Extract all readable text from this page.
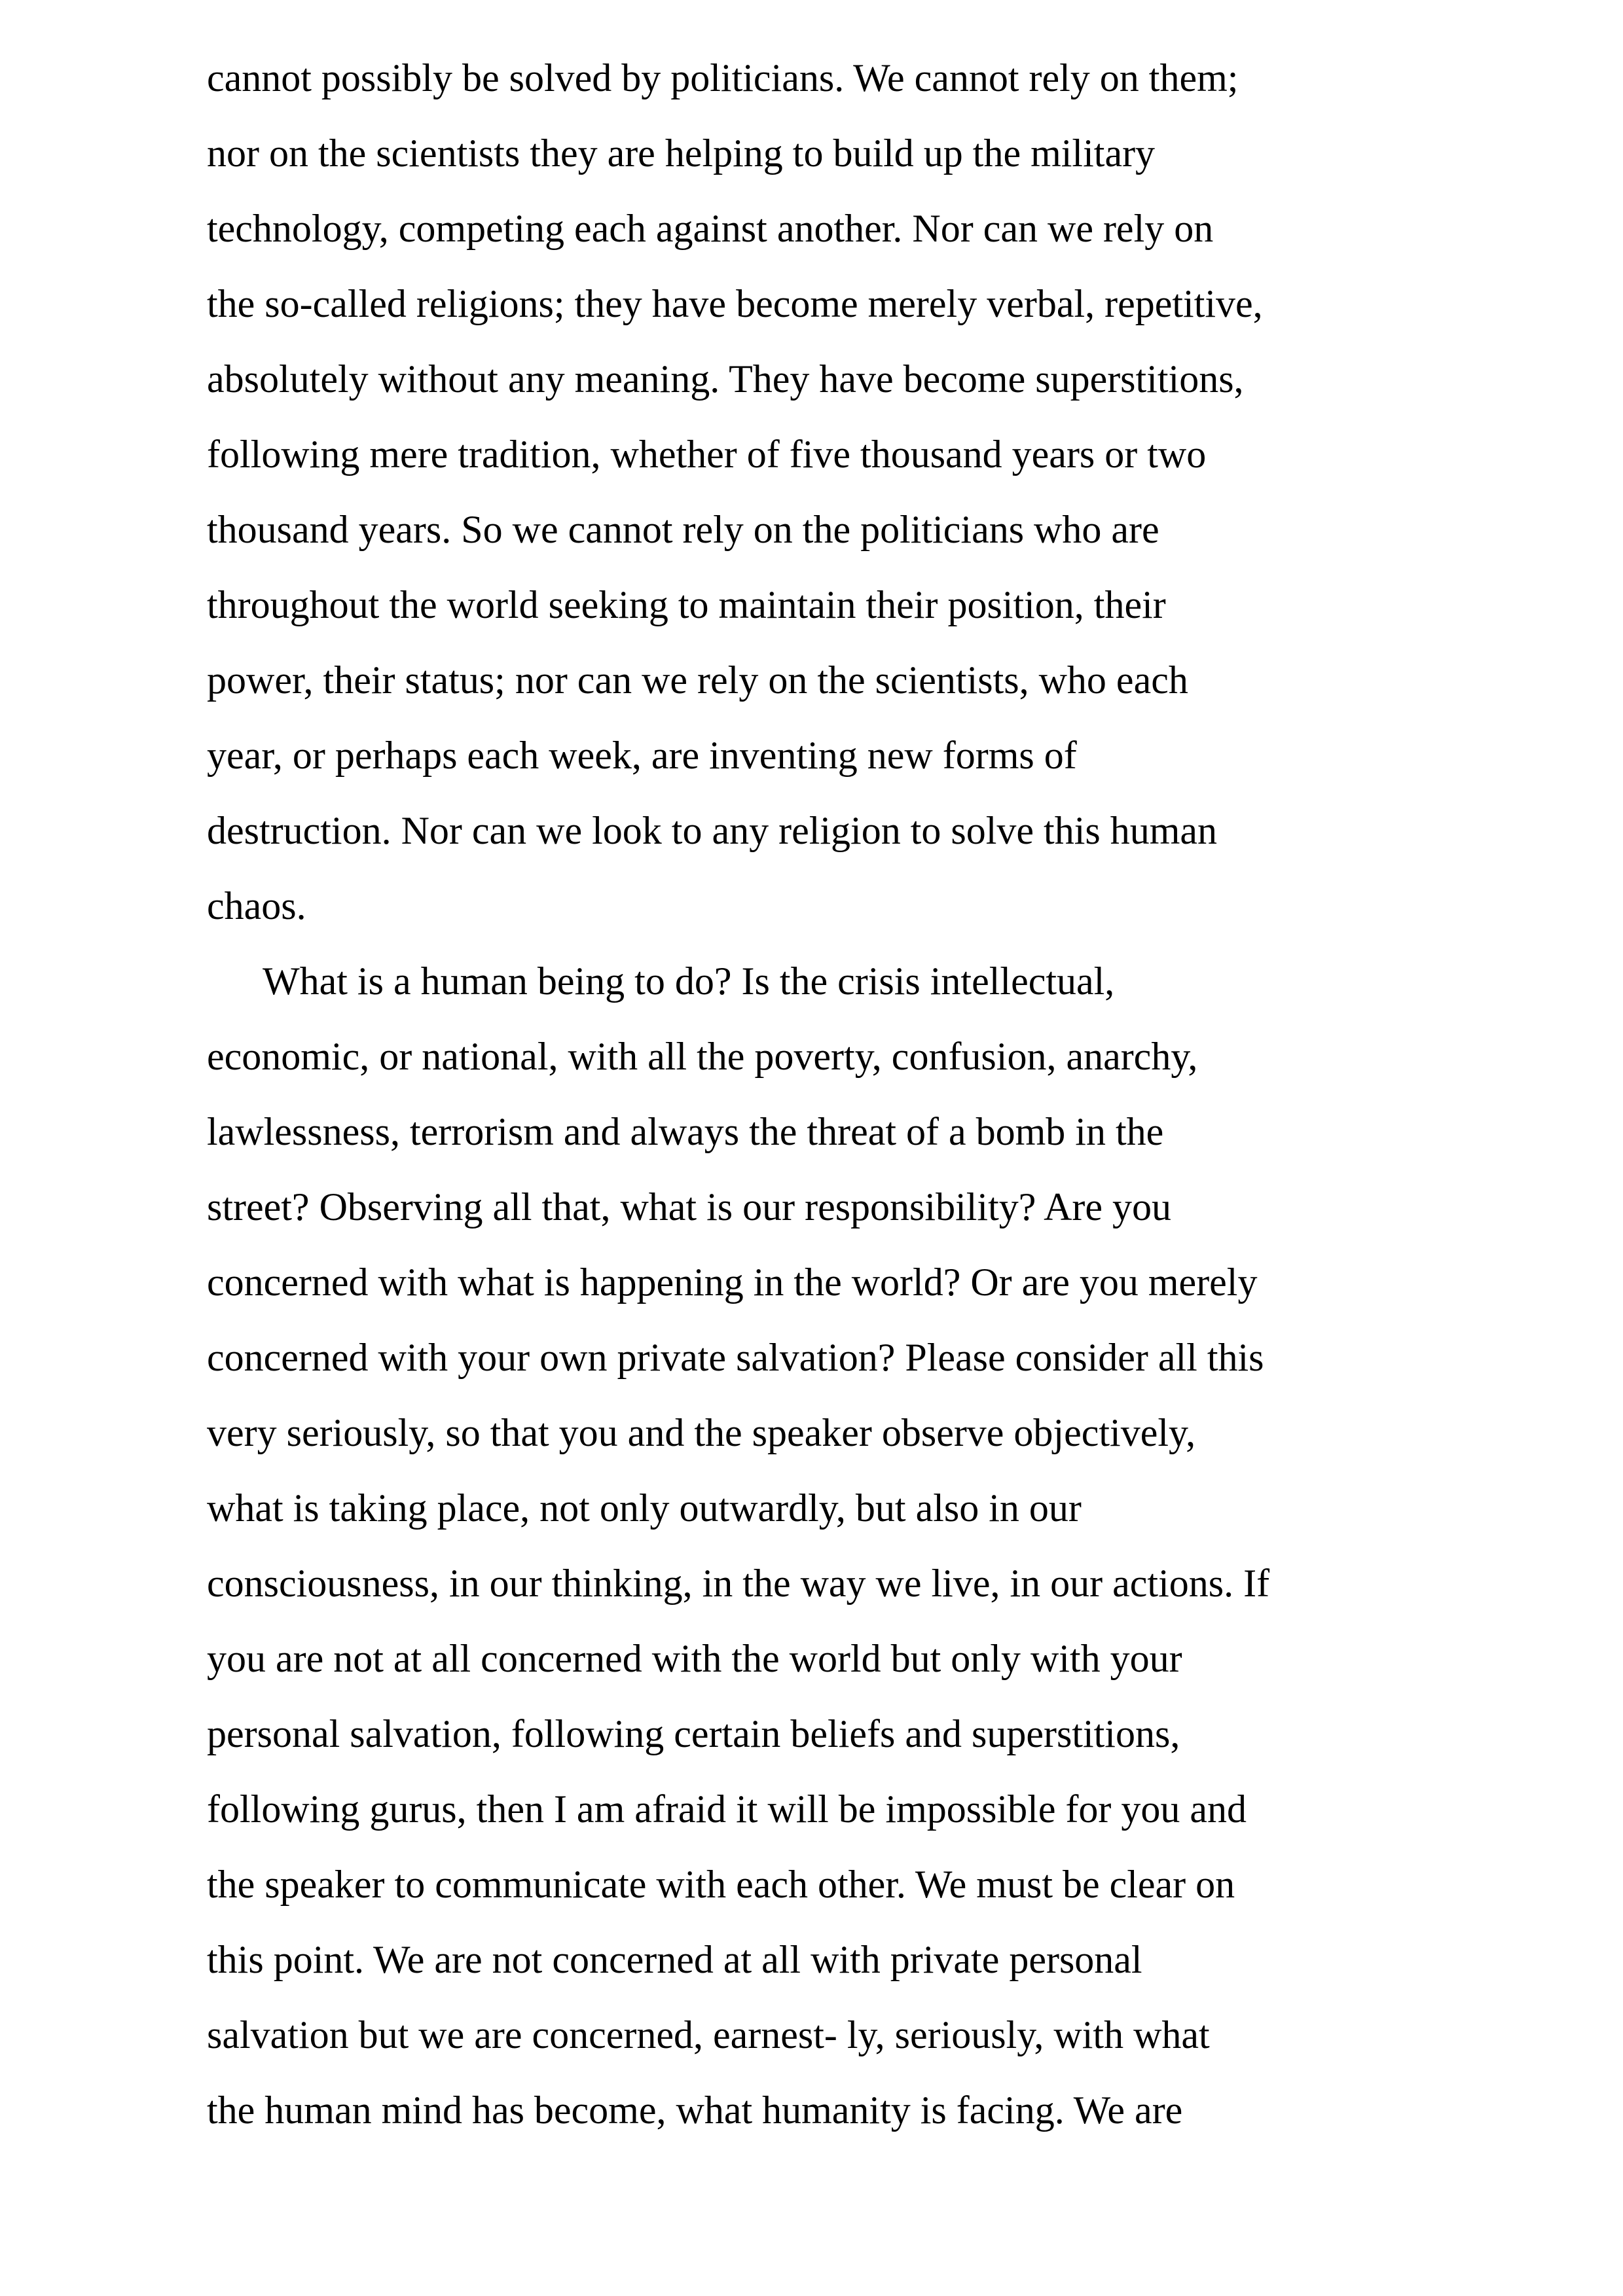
cannot possibly be solved by politicians. We cannot rely on them;
nor on the scientists they are helping to build up the military
technology, competing each against another. Nor can we rely on
the so-called religions; they have become merely verbal, repetitive,
absolutely without any meaning. They have become superstitions,
following mere tradition, whether of five thousand years or two
thousand years. So we cannot rely on the politicians who are
throughout the world seeking to maintain their position, their
power, their status; nor can we rely on the scientists, who each
year, or perhaps each week, are inventing new forms of
destruction. Nor can we look to any religion to solve this human
chaos.
What is a human being to do? Is the crisis intellectual,
economic, or national, with all the poverty, confusion, anarchy,
lawlessness, terrorism and always the threat of a bomb in the
street? Observing all that, what is our responsibility? Are you
concerned with what is happening in the world? Or are you merely
concerned with your own private salvation? Please consider all this
very seriously, so that you and the speaker observe objectively,
what is taking place, not only outwardly, but also in our
consciousness, in our thinking, in the way we live, in our actions. If
you are not at all concerned with the world but only with your
personal salvation, following certain beliefs and superstitions,
following gurus, then I am afraid it will be impossible for you and
the speaker to communicate with each other. We must be clear on
this point. We are not concerned at all with private personal
salvation but we are concerned, earnest- ly, seriously, with what
the human mind has become, what humanity is facing. We are
